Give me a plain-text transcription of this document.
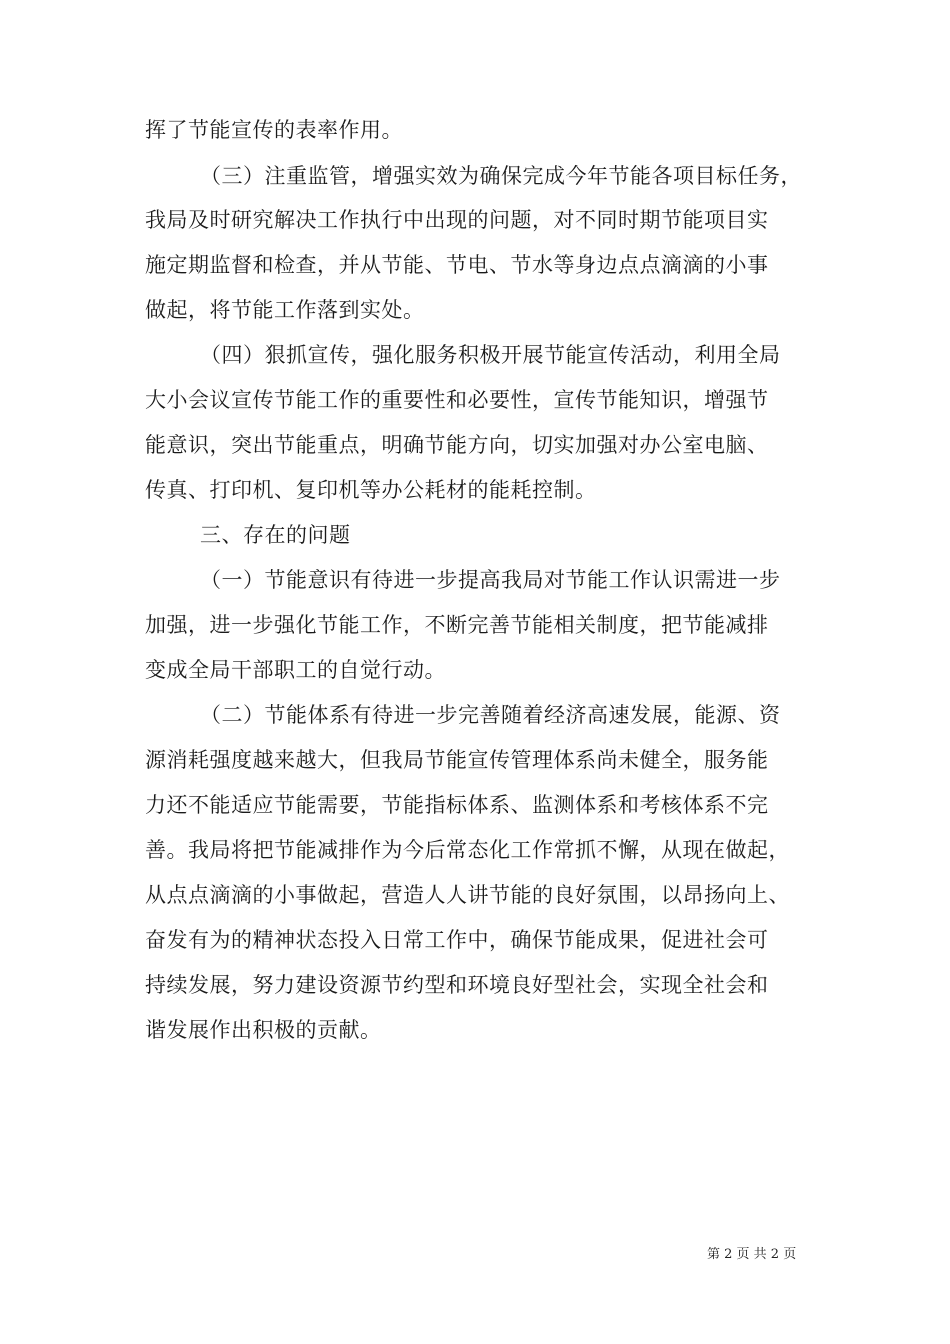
挥了节能宣传的表率作用。
（三）注重监管，增强实效为确保完成今年节能各项目标任务，
我局及时研究解决工作执行中出现的问题，对不同时期节能项目实
施定期监督和检查，并从节能、节电、节水等身边点点滴滴的小事
做起，将节能工作落到实处。
（四）狠抓宣传，强化服务积极开展节能宣传活动，利用全局
大小会议宣传节能工作的重要性和必要性，宣传节能知识，增强节
能意识，突出节能重点，明确节能方向，切实加强对办公室电脑、
传真、打印机、复印机等办公耗材的能耗控制。
三、存在的问题
（一）节能意识有待进一步提高我局对节能工作认识需进一步
加强，进一步强化节能工作，不断完善节能相关制度，把节能减排
变成全局干部职工的自觉行动。
（二）节能体系有待进一步完善随着经济高速发展，能源、资
源消耗强度越来越大，但我局节能宣传管理体系尚未健全，服务能
力还不能适应节能需要，节能指标体系、监测体系和考核体系不完
善。我局将把节能减排作为今后常态化工作常抓不懈，从现在做起，
从点点滴滴的小事做起，营造人人讲节能的良好氛围，以昂扬向上、
奋发有为的精神状态投入日常工作中，确保节能成果，促进社会可
持续发展，努力建设资源节约型和环境良好型社会，实现全社会和
谐发展作出积极的贡献。
第 2 页 共 2 页
